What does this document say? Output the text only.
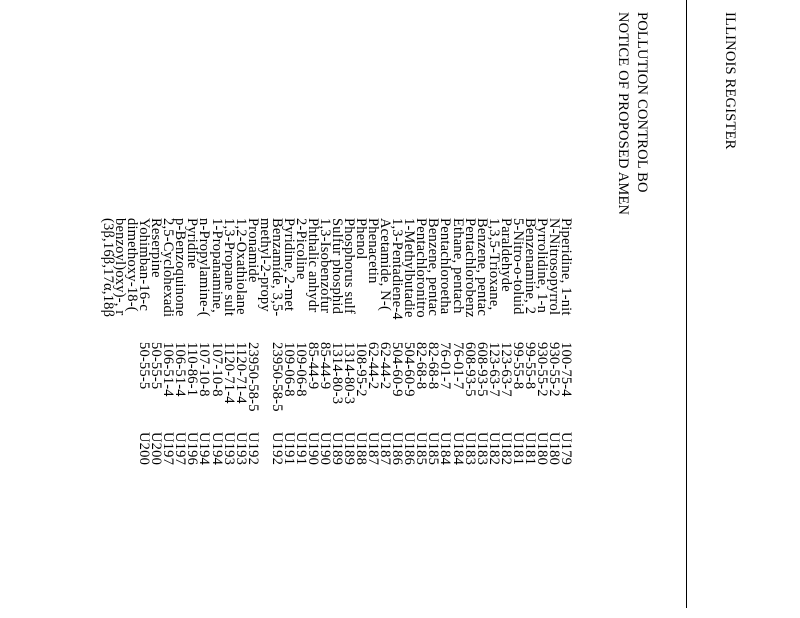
ILLINOIS REGISTER
POLLUTION CONTROL BO
NOTICE OF PROPOSED AMEN
U179
U180
U180
U181
U181
U182
U182
U183
U183
U184
U184
U185
U185
U186
U186
U187
U187
U188
U189
U189
U190
U190
U191
U191
U192
U192
U193
U193
U194
U194
U196
U197
U197
U200
U200
100-75-4
930-55-2
930-55-2
99-55-8
99-55-8
123-63-7
123-63-7
608-93-5
608-93-5
76-01-7
76-01-7
82-68-8
82-68-8
504-60-9
504-60-9
62-44-2
62-44-2
108-95-2
1314-80-3
1314-80-3
85-44-9
85-44-9
109-06-8
109-06-8
23950-58-5
23950-58-5
1120-71-4
1120-71-4
107-10-8
107-10-8
110-86-1
106-51-4
106-51-4
50-55-5
50-55-5
Piperidine, 1-nit
N-Nitrosopyrrol
Pyrrolidine, 1-n
Benzenamine, 2
5-Nitro-o-toluid
Paraldehyde
1,3,5-Trioxane,
Benzene, pentac
Pentachlorobenz
Ethane, pentach
Pentachloroetha
Benzene, pentac
Pentachloronitro
1-Methylbutadie
1,3-Pentadiene-4
Acetamide, N-(
Phenacetin
Phenol
Phosphorus sulf
Sulfur phosphid
1,3-Isobenzofur
Phthalic anhydr
2-Picoline
Pyridine, 2-met
Benzamide, 3,5-
methyl-2-propy
Pronamide
1,2-Oxathiolane
1,3-Propane sult
1-Propanamine,
n-Propylamine-(
Pyridine
p-Benzoquinone
2,5-Cyclohexadi
Reserpine
Yohimban-16-c
dimethoxy-18-(
benzoyl)oxy)-, r
(3β,16β,17α,18β
